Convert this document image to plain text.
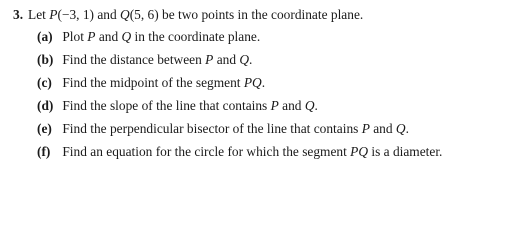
3. Let P(−3, 1) and Q(5, 6) be two points in the coordinate plane.
(a) Plot P and Q in the coordinate plane.
(b) Find the distance between P and Q.
(c) Find the midpoint of the segment PQ.
(d) Find the slope of the line that contains P and Q.
(e) Find the perpendicular bisector of the line that contains P and Q.
(f) Find an equation for the circle for which the segment PQ is a diameter.
